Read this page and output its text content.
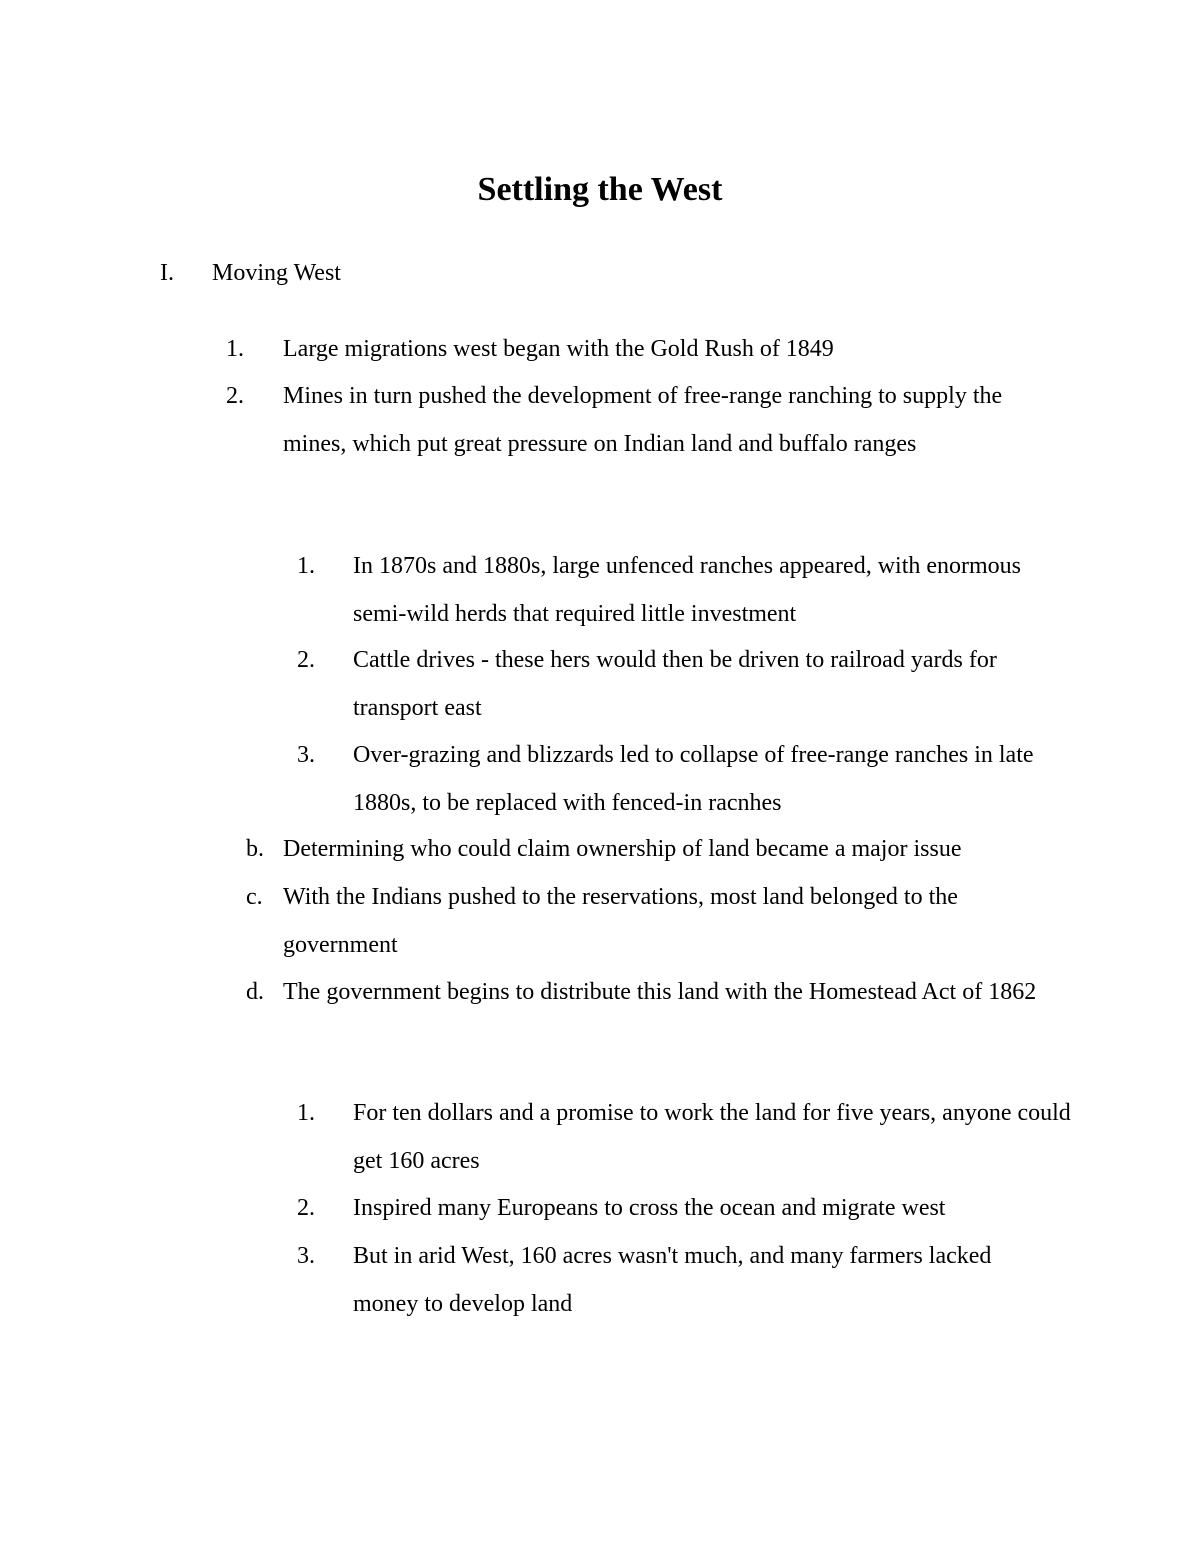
Settling the West
I. Moving West
1. Large migrations west began with the Gold Rush of 1849
2. Mines in turn pushed the development of free-range ranching to supply the mines, which put great pressure on Indian land and buffalo ranges
1. In 1870s and 1880s, large unfenced ranches appeared, with enormous semi-wild herds that required little investment
2. Cattle drives - these hers would then be driven to railroad yards for transport east
3. Over-grazing and blizzards led to collapse of free-range ranches in late 1880s, to be replaced with fenced-in racnhes
b. Determining who could claim ownership of land became a major issue
c. With the Indians pushed to the reservations, most land belonged to the government
d. The government begins to distribute this land with the Homestead Act of 1862
1. For ten dollars and a promise to work the land for five years, anyone could get 160 acres
2. Inspired many Europeans to cross the ocean and migrate west
3. But in arid West, 160 acres wasn't much, and many farmers lacked money to develop land
